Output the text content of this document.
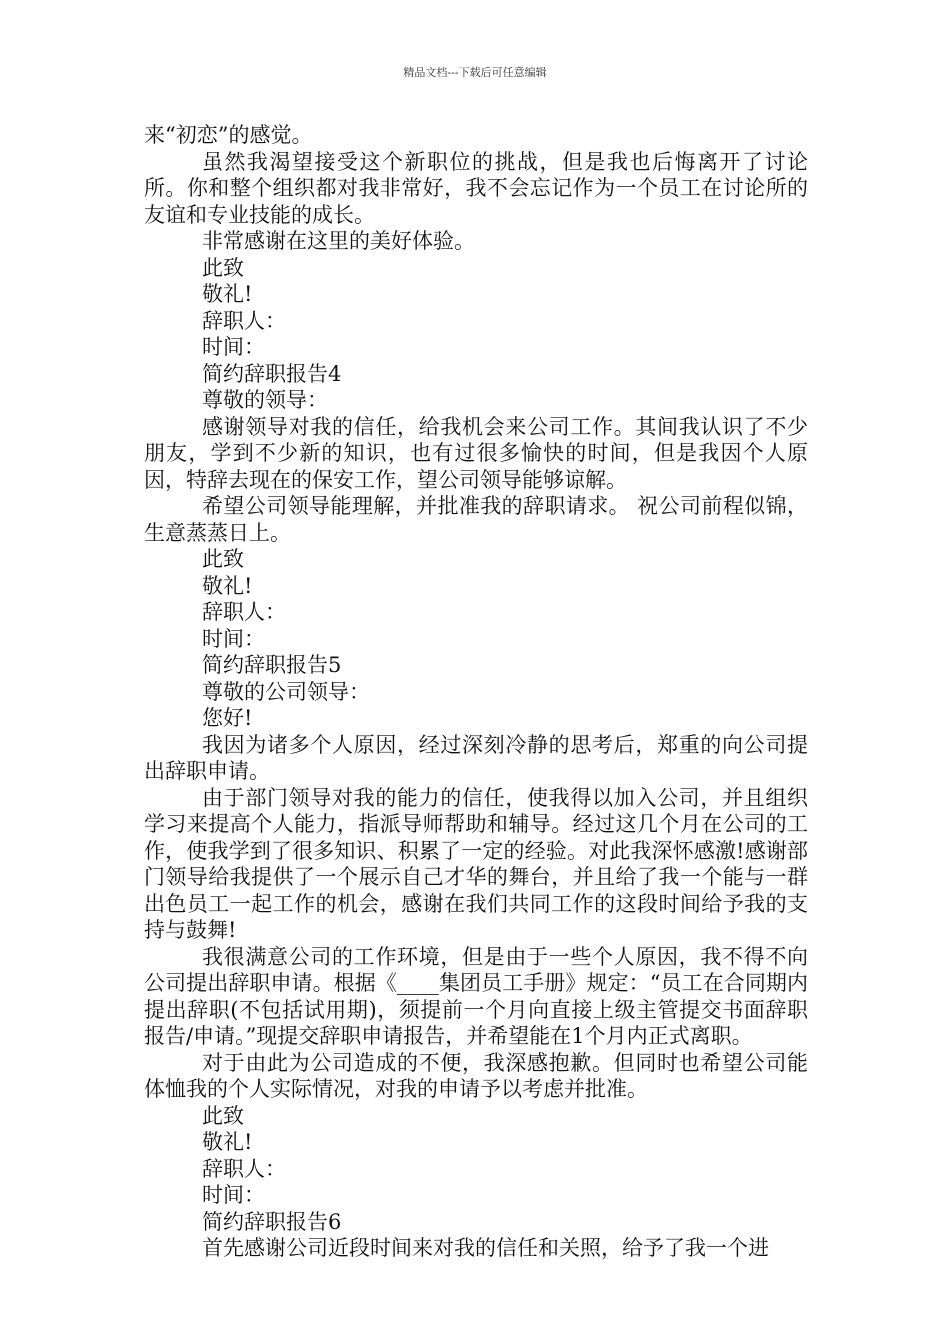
精品文档---下载后可任意编辑

来“初恋”的感觉。

虽然我渴望接受这个新职位的挑战，但是我也后悔离开了讨论所。你和整个组织都对我非常好，我不会忘记作为一个员工在讨论所的友谊和专业技能的成长。

非常感谢在这里的美好体验。

此致

敬礼!

辞职人：

时间：

简约辞职报告4

尊敬的领导：

感谢领导对我的信任，给我机会来公司工作。其间我认识了不少朋友，学到不少新的知识，也有过很多愉快的时间，但是我因个人原因，特辞去现在的保安工作，望公司领导能够谅解。

希望公司领导能理解，并批准我的辞职请求。 祝公司前程似锦，生意蒸蒸日上。

此致

敬礼!

辞职人：

时间：

简约辞职报告5

尊敬的公司领导：

您好!

我因为诸多个人原因，经过深刻冷静的思考后，郑重的向公司提出辞职申请。

由于部门领导对我的能力的信任，使我得以加入公司，并且组织学习来提高个人能力，指派导师帮助和辅导。经过这几个月在公司的工作，使我学到了很多知识、积累了一定的经验。对此我深怀感激!感谢部门领导给我提供了一个展示自己才华的舞台，并且给了我一个能与一群出色员工一起工作的机会，感谢在我们共同工作的这段时间给予我的支持与鼓舞!

我很满意公司的工作环境，但是由于一些个人原因，我不得不向公司提出辞职申请。根据《____集团员工手册》规定：“员工在合同期内提出辞职(不包括试用期)，须提前一个月向直接上级主管提交书面辞职报告/申请。”现提交辞职申请报告，并希望能在1个月内正式离职。

对于由此为公司造成的不便，我深感抱歉。但同时也希望公司能体恤我的个人实际情况，对我的申请予以考虑并批准。

此致

敬礼!

辞职人：

时间：

简约辞职报告6

首先感谢公司近段时间来对我的信任和关照，给予了我一个进
